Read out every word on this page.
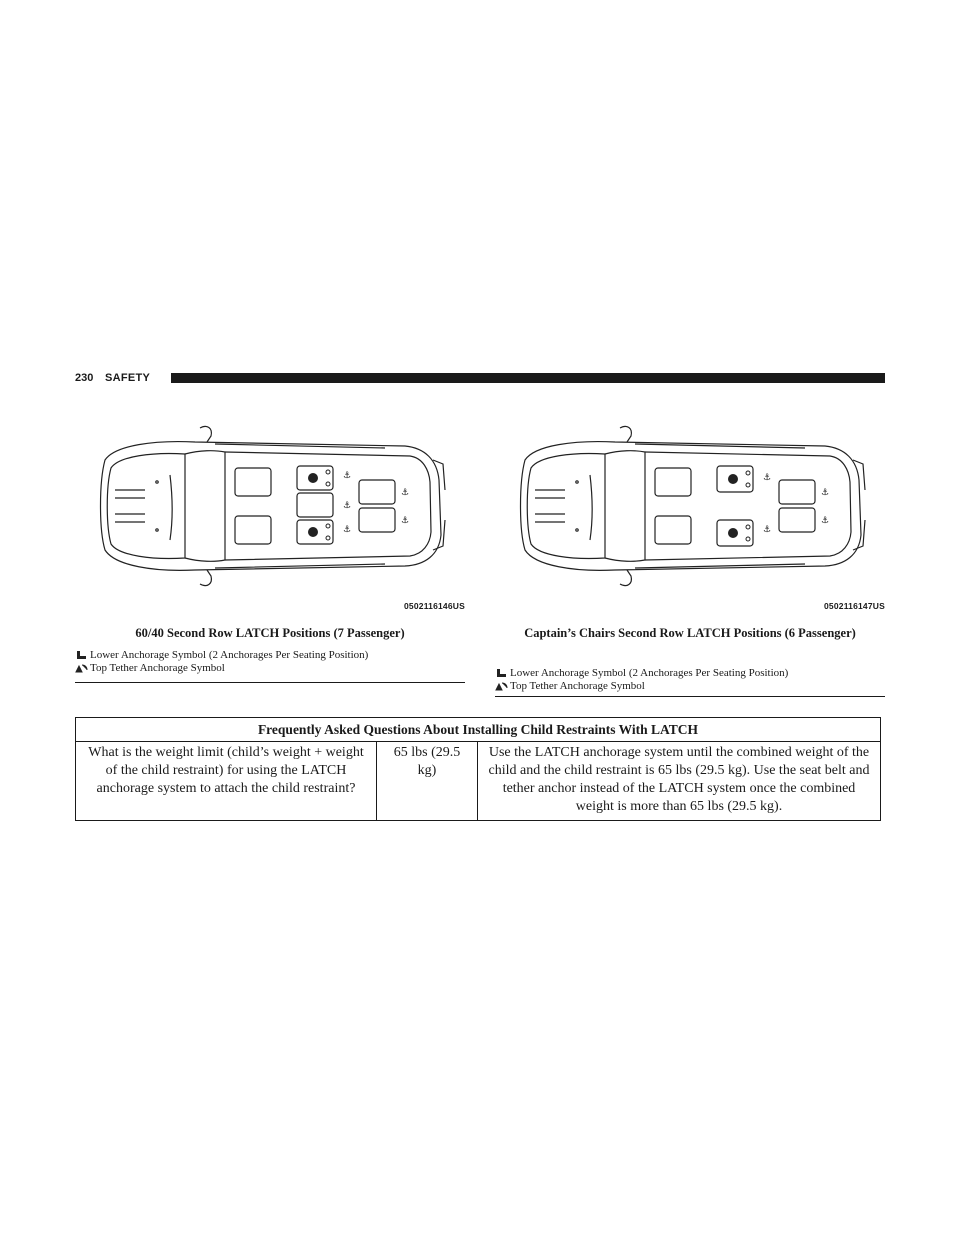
230 SAFETY
⚓
⚓
⚓
⚓
⚓
0502116146US
60/40 Second Row LATCH Positions (7 Passenger)
Lower Anchorage Symbol (2 Anchorages Per Seating Position)
Top Tether Anchorage Symbol
⚓
⚓
⚓
⚓
0502116147US
Captain’s Chairs Second Row LATCH Positions (6 Passenger)
Lower Anchorage Symbol (2 Anchorages Per Seating Position)
Top Tether Anchorage Symbol
Frequently Asked Questions About Installing Child Restraints With LATCH
What is the weight limit (child’s weight + weight of the child restraint) for using the LATCH anchorage system to attach the child restraint?	65 lbs (29.5 kg)	Use the LATCH anchorage system until the combined weight of the child and the child restraint is 65 lbs (29.5 kg). Use the seat belt and tether anchor instead of the LATCH system once the combined weight is more than 65 lbs (29.5 kg).
